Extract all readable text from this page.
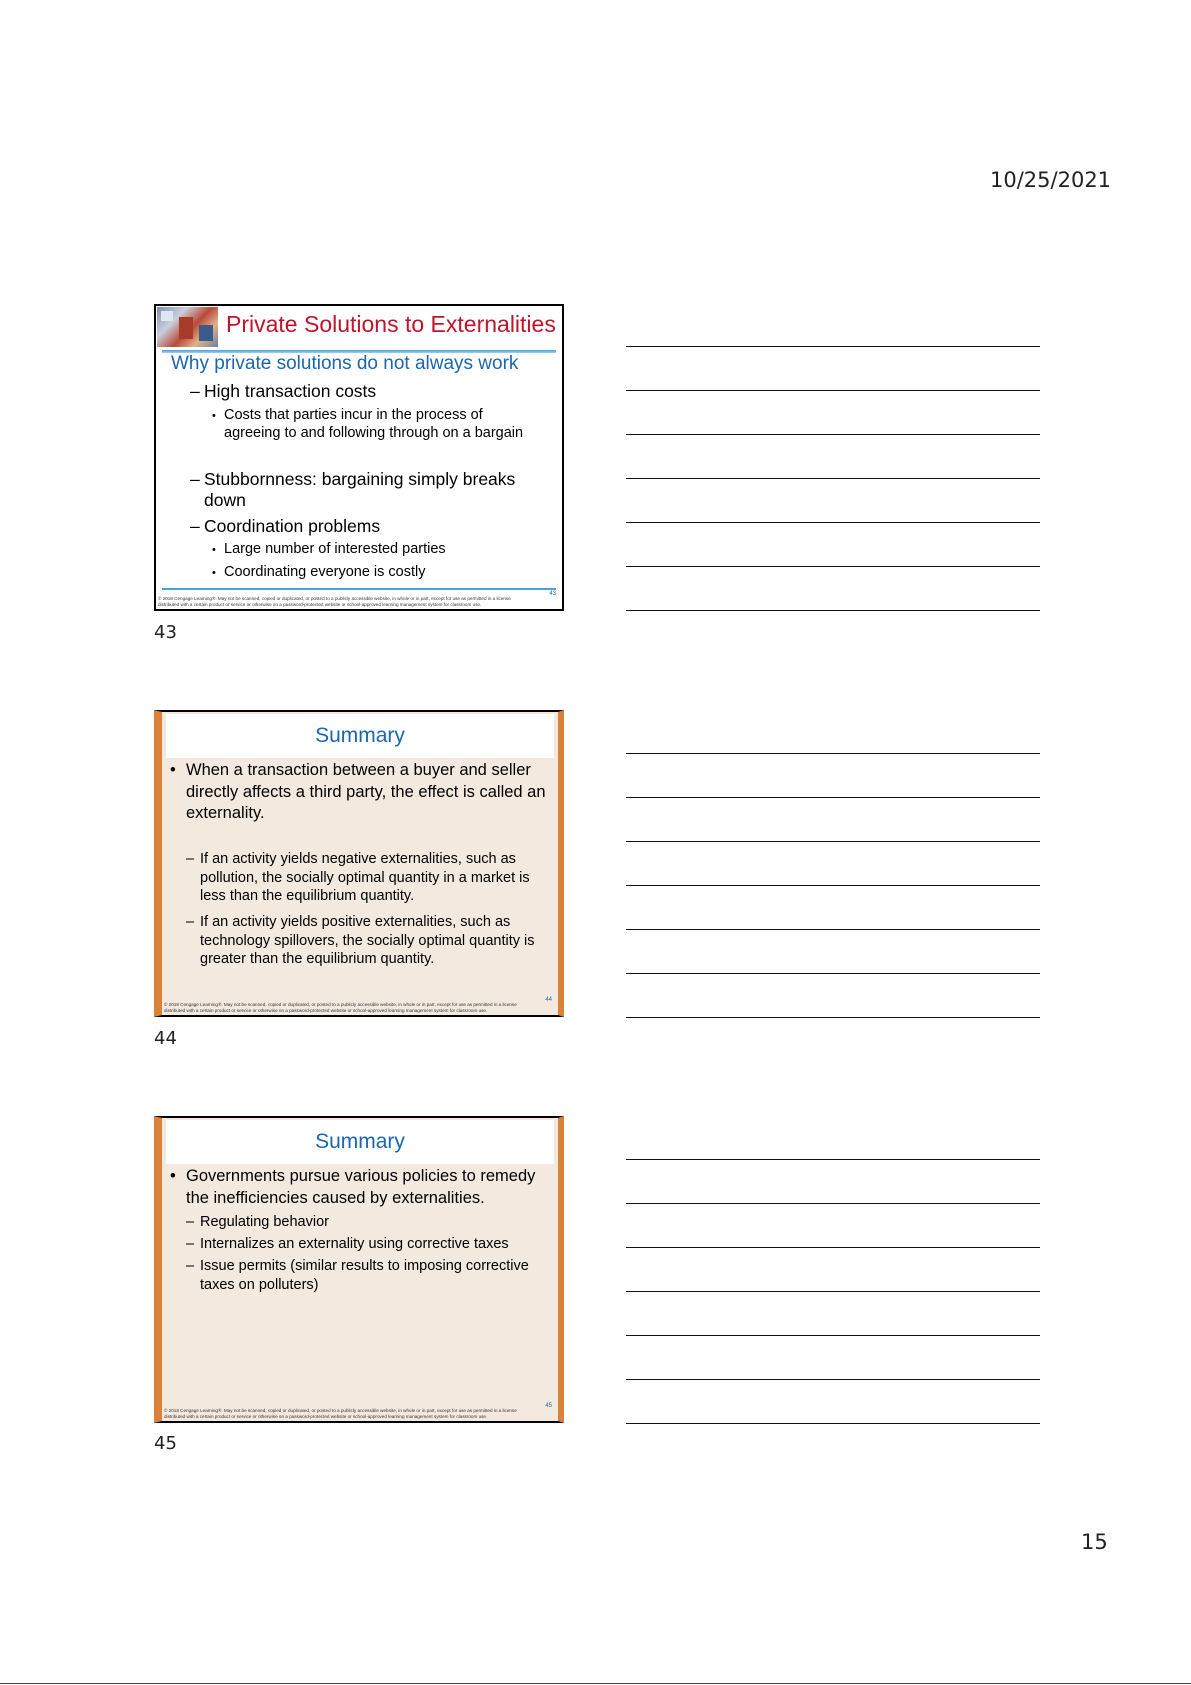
10/25/2021
Private Solutions to Externalities
Why private solutions do not always work
– High transaction costs
• Costs that parties incur in the process of agreeing to and following through on a bargain
– Stubbornness: bargaining simply breaks down
– Coordination problems
• Large number of interested parties
• Coordinating everyone is costly
© 2018 Cengage Learning®. May not be scanned, copied or duplicated, or posted to a publicly accessible website, in whole or in part, except for use as permitted in a license distributed with a certain product or service or otherwise on a password-protected website or school-approved learning management system for classroom use.
43
43
Summary
• When a transaction between a buyer and seller directly affects a third party, the effect is called an externality.
– If an activity yields negative externalities, such as pollution, the socially optimal quantity in a market is less than the equilibrium quantity.
– If an activity yields positive externalities, such as technology spillovers, the socially optimal quantity is greater than the equilibrium quantity.
© 2018 Cengage Learning®. May not be scanned, copied or duplicated, or posted to a publicly accessible website, in whole or in part, except for use as permitted in a license distributed with a certain product or service or otherwise on a password-protected website or school-approved learning management system for classroom use.
44
44
Summary
• Governments pursue various policies to remedy the inefficiencies caused by externalities.
– Regulating behavior
– Internalizes an externality using corrective taxes
– Issue permits (similar results to imposing corrective taxes on polluters)
© 2018 Cengage Learning®. May not be scanned, copied or duplicated, or posted to a publicly accessible website, in whole or in part, except for use as permitted in a license distributed with a certain product or service or otherwise on a password-protected website or school-approved learning management system for classroom use.
45
45
15
